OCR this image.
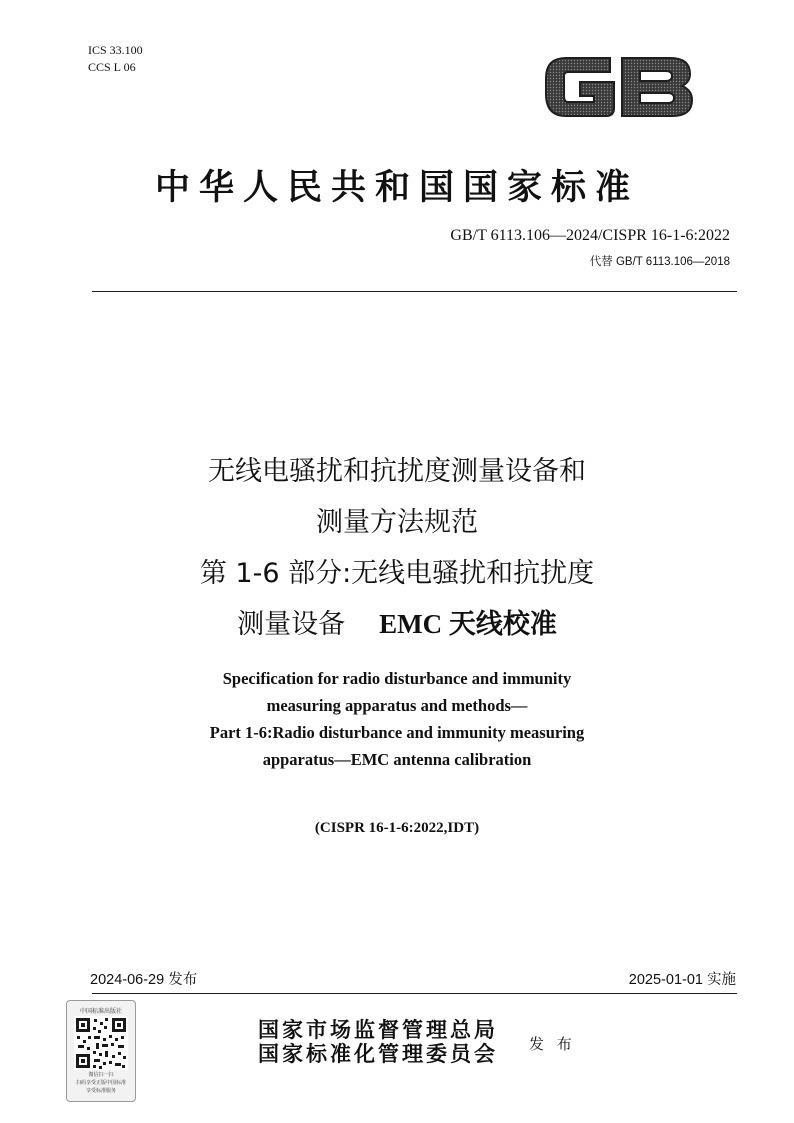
ICS 33.100
CCS L 06
GB
中华人民共和国国家标准
GB/T 6113.106—2024/CISPR 16-1-6:2022
代替 GB/T 6113.106—2018
无线电骚扰和抗扰度测量设备和
测量方法规范
第 1-6 部分:无线电骚扰和抗扰度
测量设备 EMC 天线校准
Specification for radio disturbance and immunity
measuring apparatus and methods—
Part 1-6:Radio disturbance and immunity measuring
apparatus—EMC antenna calibration
(CISPR 16-1-6:2022,IDT)
2024-06-29 发布	2025-01-01 实施
中国标准出版社
微信扫一扫
扫码享受正版中国标准
享受标准服务
国家市场监督管理总局
国家标准化管理委员会 发 布
